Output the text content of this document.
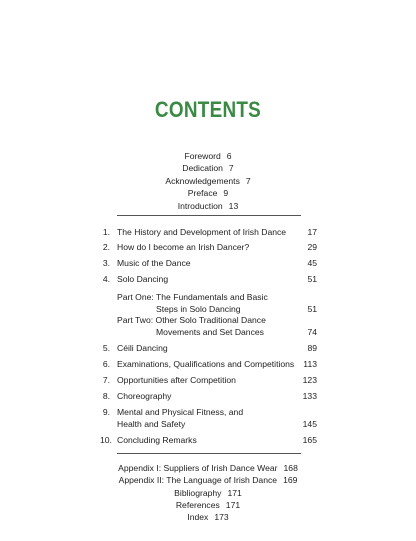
CONTENTS
Foreword 6
Dedication 7
Acknowledgements 7
Preface 9
Introduction 13
1. The History and Development of Irish Dance 17
2. How do I become an Irish Dancer?	29
3. Music of the Dance	45
4. Solo Dancing	51
Part One: The Fundamentals and Basic
Steps in Solo Dancing	51
Part Two: Other Solo Traditional Dance
Movements and Set Dances	74
5. Céili Dancing	89
6. Examinations, Qualifications and Competitions 113
7. Opportunities after Competition	123
8. Choreography	133
9. Mental and Physical Fitness, and
Health and Safety	145
10. Concluding Remarks	165
Appendix I: Suppliers of Irish Dance Wear 168
Appendix II: The Language of Irish Dance 169
Bibliography 171
References 171
Index 173
